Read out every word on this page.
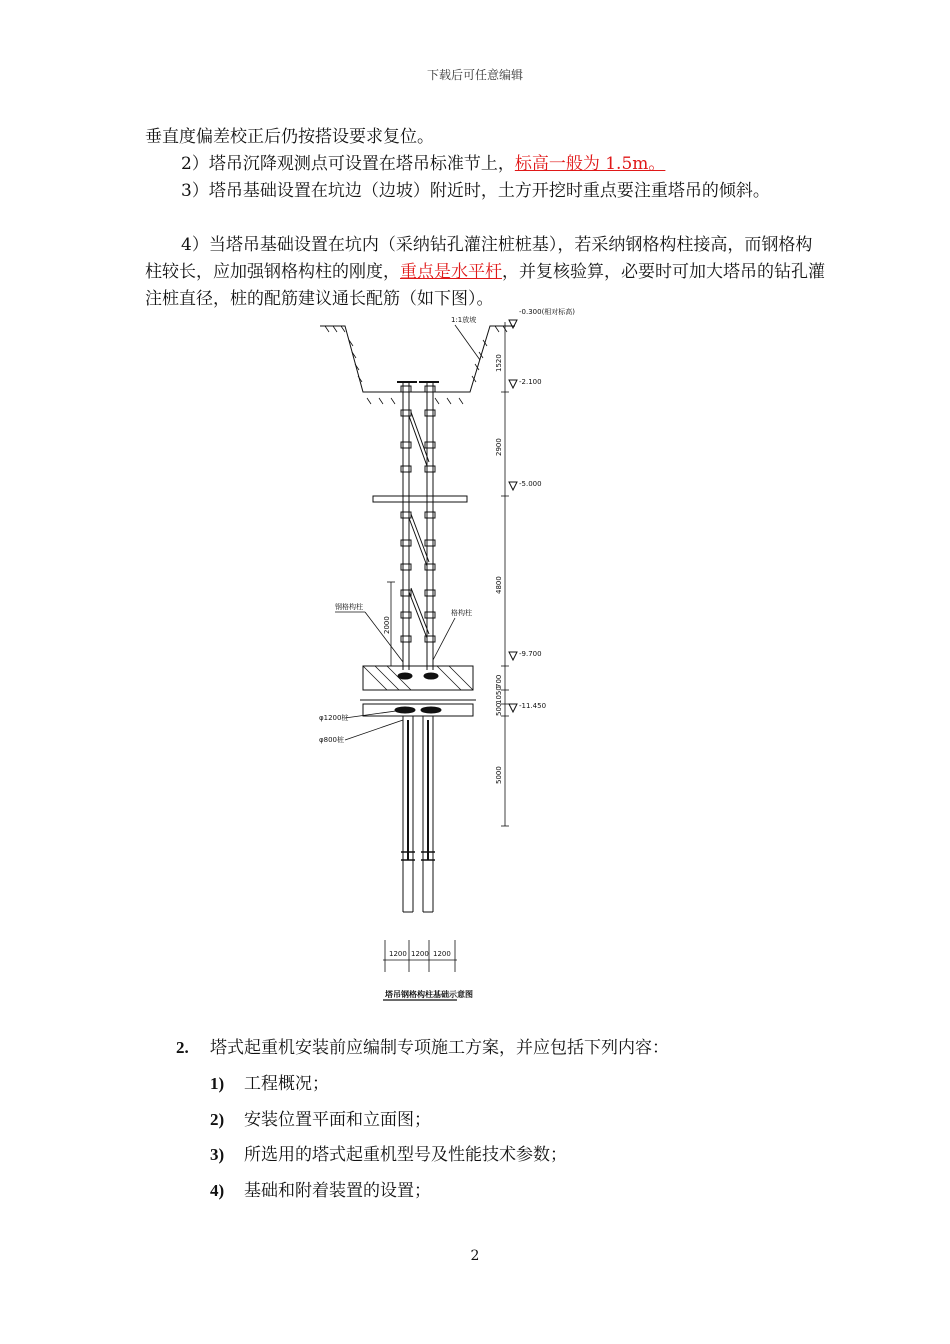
下载后可任意编辑
垂直度偏差校正后仍按搭设要求复位。
2）塔吊沉降观测点可设置在塔吊标准节上，标高一般为 1.5m。
3）塔吊基础设置在坑边（边坡）附近时，土方开挖时重点要注重塔吊的倾斜。
4）当塔吊基础设置在坑内（采纳钻孔灌注桩桩基），若采纳钢格构柱接高，而钢格构柱较长，应加强钢格构柱的刚度，重点是水平杆，并复核验算，必要时可加大塔吊的钻孔灌注桩直径，桩的配筋建议通长配筋（如下图）。
-0.300(相对标高)
-2.100
-5.000
-9.700
-11.450
1520
2900
4800
700
1050
500
5000
2000
1:1放坡
钢格构柱
格构柱
φ1200桩
φ800桩
1200 1200 1200
塔吊钢格构柱基础示意图
2. 塔式起重机安装前应编制专项施工方案，并应包括下列内容：
1) 工程概况；
2) 安装位置平面和立面图；
3) 所选用的塔式起重机型号及性能技术参数；
4) 基础和附着装置的设置；
2
